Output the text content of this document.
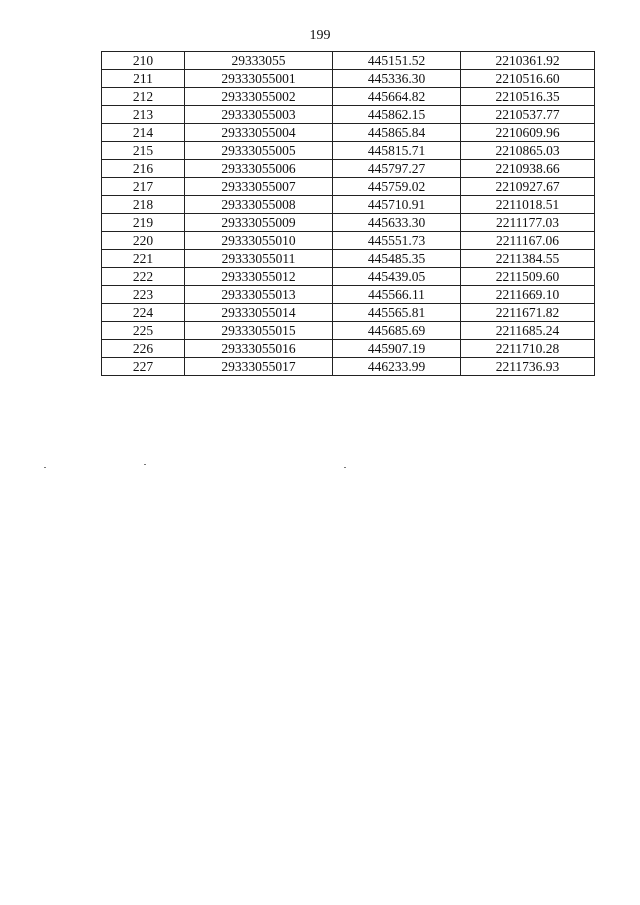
199
210	29333055	445151.52	2210361.92
211	29333055001	445336.30	2210516.60
212	29333055002	445664.82	2210516.35
213	29333055003	445862.15	2210537.77
214	29333055004	445865.84	2210609.96
215	29333055005	445815.71	2210865.03
216	29333055006	445797.27	2210938.66
217	29333055007	445759.02	2210927.67
218	29333055008	445710.91	2211018.51
219	29333055009	445633.30	2211177.03
220	29333055010	445551.73	2211167.06
221	29333055011	445485.35	2211384.55
222	29333055012	445439.05	2211509.60
223	29333055013	445566.11	2211669.10
224	29333055014	445565.81	2211671.82
225	29333055015	445685.69	2211685.24
226	29333055016	445907.19	2211710.28
227	29333055017	446233.99	2211736.93
